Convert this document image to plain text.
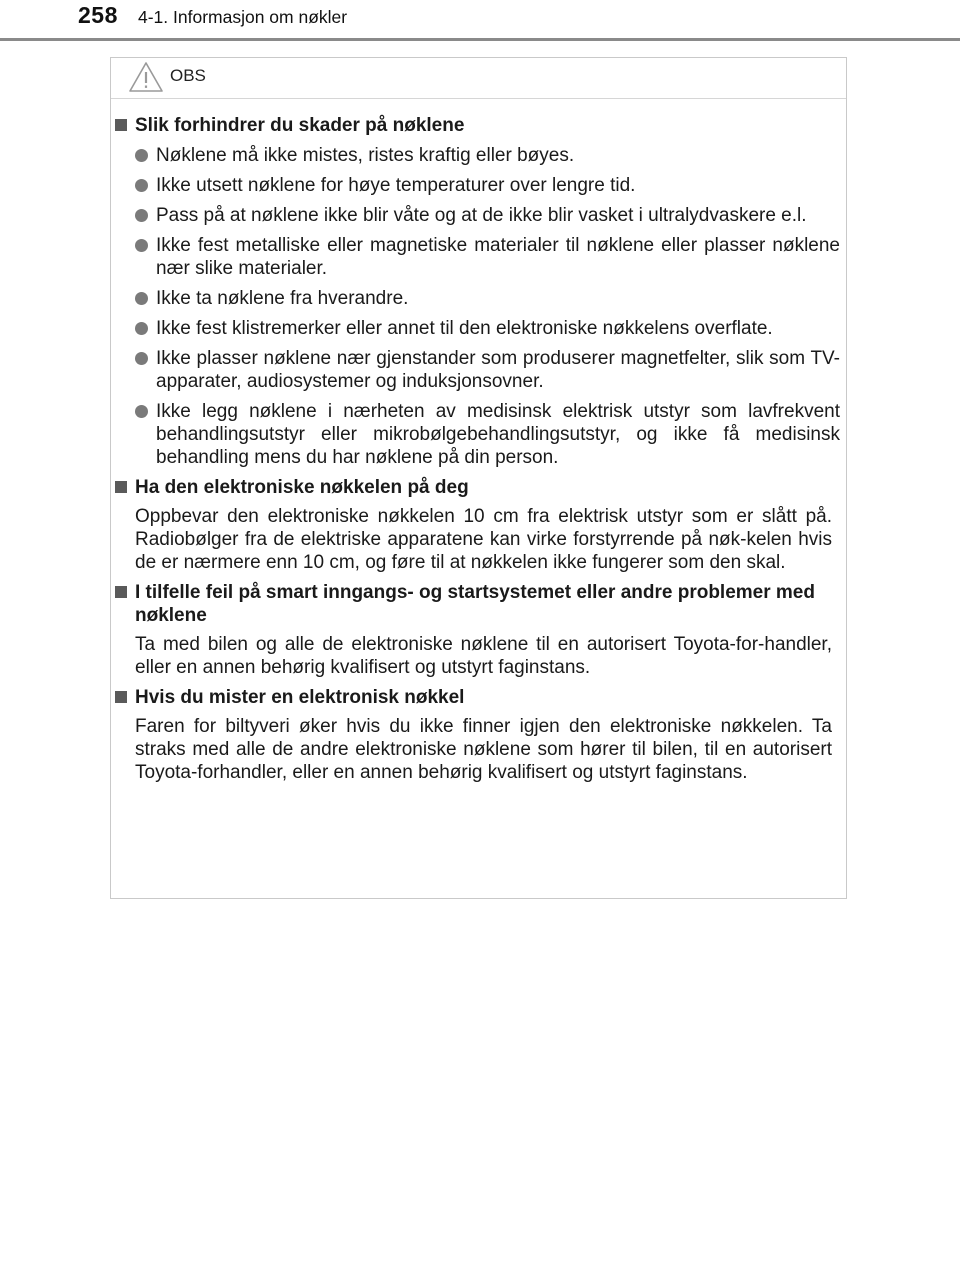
258 4-1. Informasjon om nøkler
OBS
Slik forhindrer du skader på nøklene
Nøklene må ikke mistes, ristes kraftig eller bøyes.
Ikke utsett nøklene for høye temperaturer over lengre tid.
Pass på at nøklene ikke blir våte og at de ikke blir vasket i ultralydvaskere e.l.
Ikke fest metalliske eller magnetiske materialer til nøklene eller plasser nøklene nær slike materialer.
Ikke ta nøklene fra hverandre.
Ikke fest klistremerker eller annet til den elektroniske nøkkelens overflate.
Ikke plasser nøklene nær gjenstander som produserer magnetfelter, slik som TV-apparater, audiosystemer og induksjonsovner.
Ikke legg nøklene i nærheten av medisinsk elektrisk utstyr som lavfrekvent behandlingsutstyr eller mikrobølgebehandlingsutstyr, og ikke få medisinsk behandling mens du har nøklene på din person.
Ha den elektroniske nøkkelen på deg
Oppbevar den elektroniske nøkkelen 10 cm fra elektrisk utstyr som er slått på. Radiobølger fra de elektriske apparatene kan virke forstyrrende på nøk-kelen hvis de er nærmere enn 10 cm, og føre til at nøkkelen ikke fungerer som den skal.
I tilfelle feil på smart inngangs- og startsystemet eller andre problemer med nøklene
Ta med bilen og alle de elektroniske nøklene til en autorisert Toyota-for-handler, eller en annen behørig kvalifisert og utstyrt faginstans.
Hvis du mister en elektronisk nøkkel
Faren for biltyveri øker hvis du ikke finner igjen den elektroniske nøkkelen. Ta straks med alle de andre elektroniske nøklene som hører til bilen, til en autorisert Toyota-forhandler, eller en annen behørig kvalifisert og utstyrt faginstans.
